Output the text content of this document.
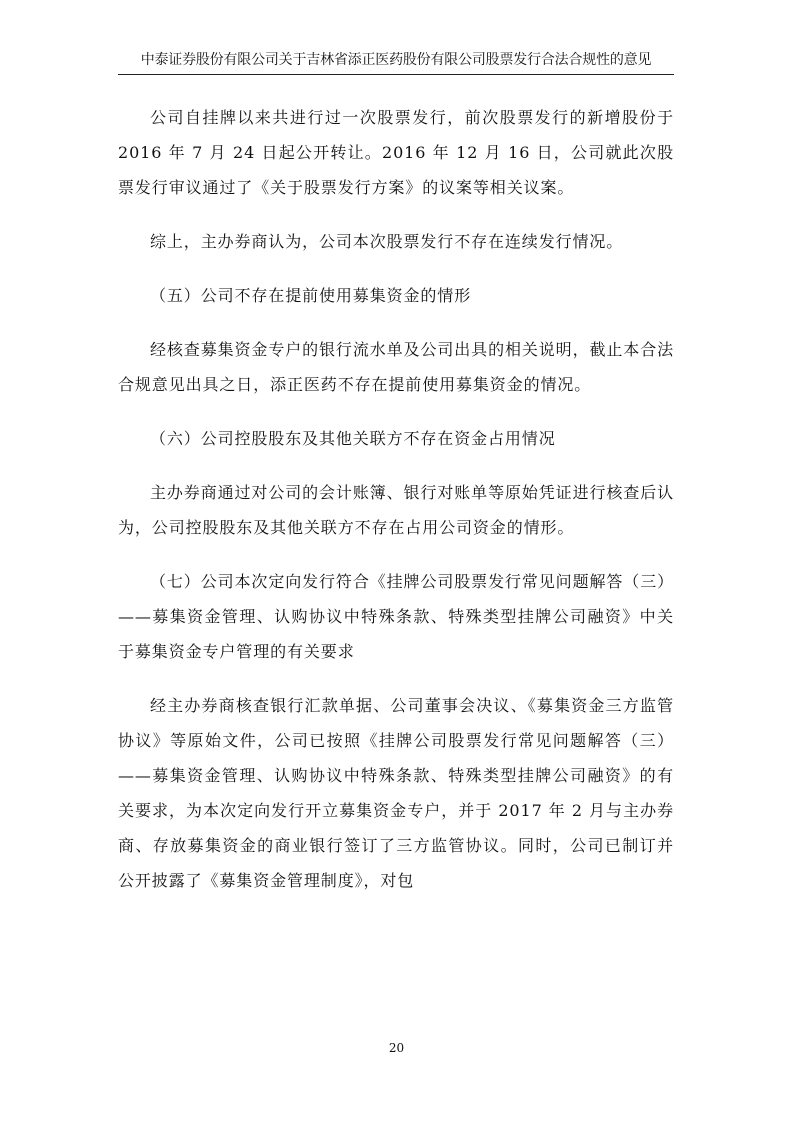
中泰证券股份有限公司关于吉林省添正医药股份有限公司股票发行合法合规性的意见

公司自挂牌以来共进行过一次股票发行，前次股票发行的新增股份于 2016 年 7 月 24 日起公开转让。2016 年 12 月 16 日，公司就此次股票发行审议通过了《关于股票发行方案》的议案等相关议案。

综上，主办券商认为，公司本次股票发行不存在连续发行情况。

（五）公司不存在提前使用募集资金的情形

经核查募集资金专户的银行流水单及公司出具的相关说明，截止本合法合规意见出具之日，添正医药不存在提前使用募集资金的情况。

（六）公司控股股东及其他关联方不存在资金占用情况

主办券商通过对公司的会计账簿、银行对账单等原始凭证进行核查后认为，公司控股股东及其他关联方不存在占用公司资金的情形。

（七）公司本次定向发行符合《挂牌公司股票发行常见问题解答（三）——募集资金管理、认购协议中特殊条款、特殊类型挂牌公司融资》中关于募集资金专户管理的有关要求

经主办券商核查银行汇款单据、公司董事会决议、《募集资金三方监管协议》等原始文件，公司已按照《挂牌公司股票发行常见问题解答（三）——募集资金管理、认购协议中特殊条款、特殊类型挂牌公司融资》的有关要求，为本次定向发行开立募集资金专户，并于 2017 年 2 月与主办券商、存放募集资金的商业银行签订了三方监管协议。同时，公司已制订并公开披露了《募集资金管理制度》，对包

20
